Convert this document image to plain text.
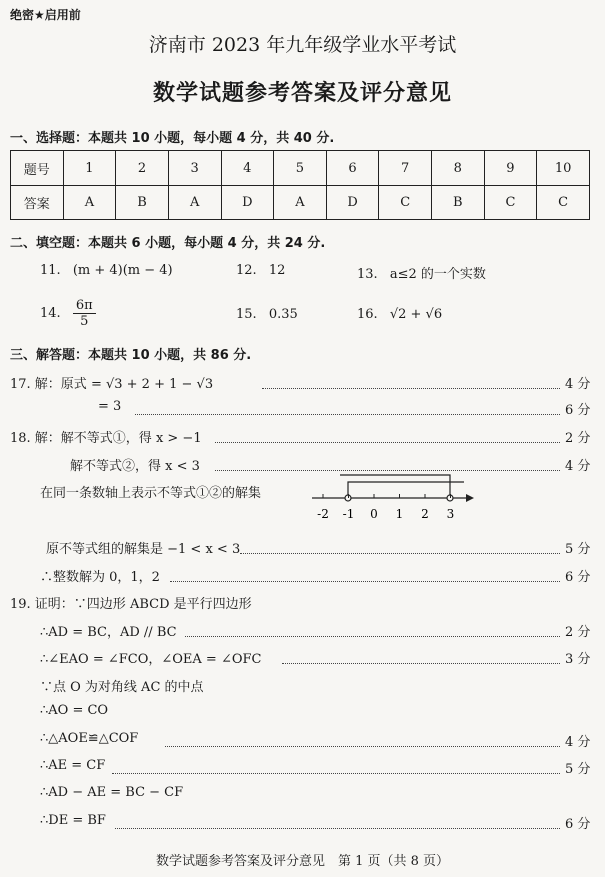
绝密★启用前
济南市 2023 年九年级学业水平考试
数学试题参考答案及评分意见
一、选择题：本题共 10 小题，每小题 4 分，共 40 分.
题号	1	2	3	4	5	6	7	8	9	10
答案	A	B	A	D	A	D	C	B	C	C
二、填空题：本题共 6 小题，每小题 4 分，共 24 分.
11. (m + 4)(m − 4)	12. 12	13. a≤2 的一个实数
14. $\frac{6\pi}{5}$	15. 0.35	16. √2 + √6
三、解答题：本题共 10 小题，共 86 分.
17. 解：原式 = √3 + 2 + 1 − √3	4 分
= 3	6 分
18. 解：解不等式①，得 x > −1	2 分
解不等式②，得 x < 3	4 分
在同一条数轴上表示不等式①②的解集
-2 -1 0 1 2 3
原不等式组的解集是 −1 < x < 3	5 分
∴整数解为 0，1，2	6 分
19. 证明：∵四边形 ABCD 是平行四边形
∴AD = BC，AD // BC	2 分
∴∠EAO = ∠FCO，∠OEA = ∠OFC	3 分
∵点 O 为对角线 AC 的中点
∴AO = CO
∴△AOE≌△COF	4 分
∴AE = CF	5 分
∴AD − AE = BC − CF
∴DE = BF	6 分
数学试题参考答案及评分意见　第 1 页（共 8 页）
